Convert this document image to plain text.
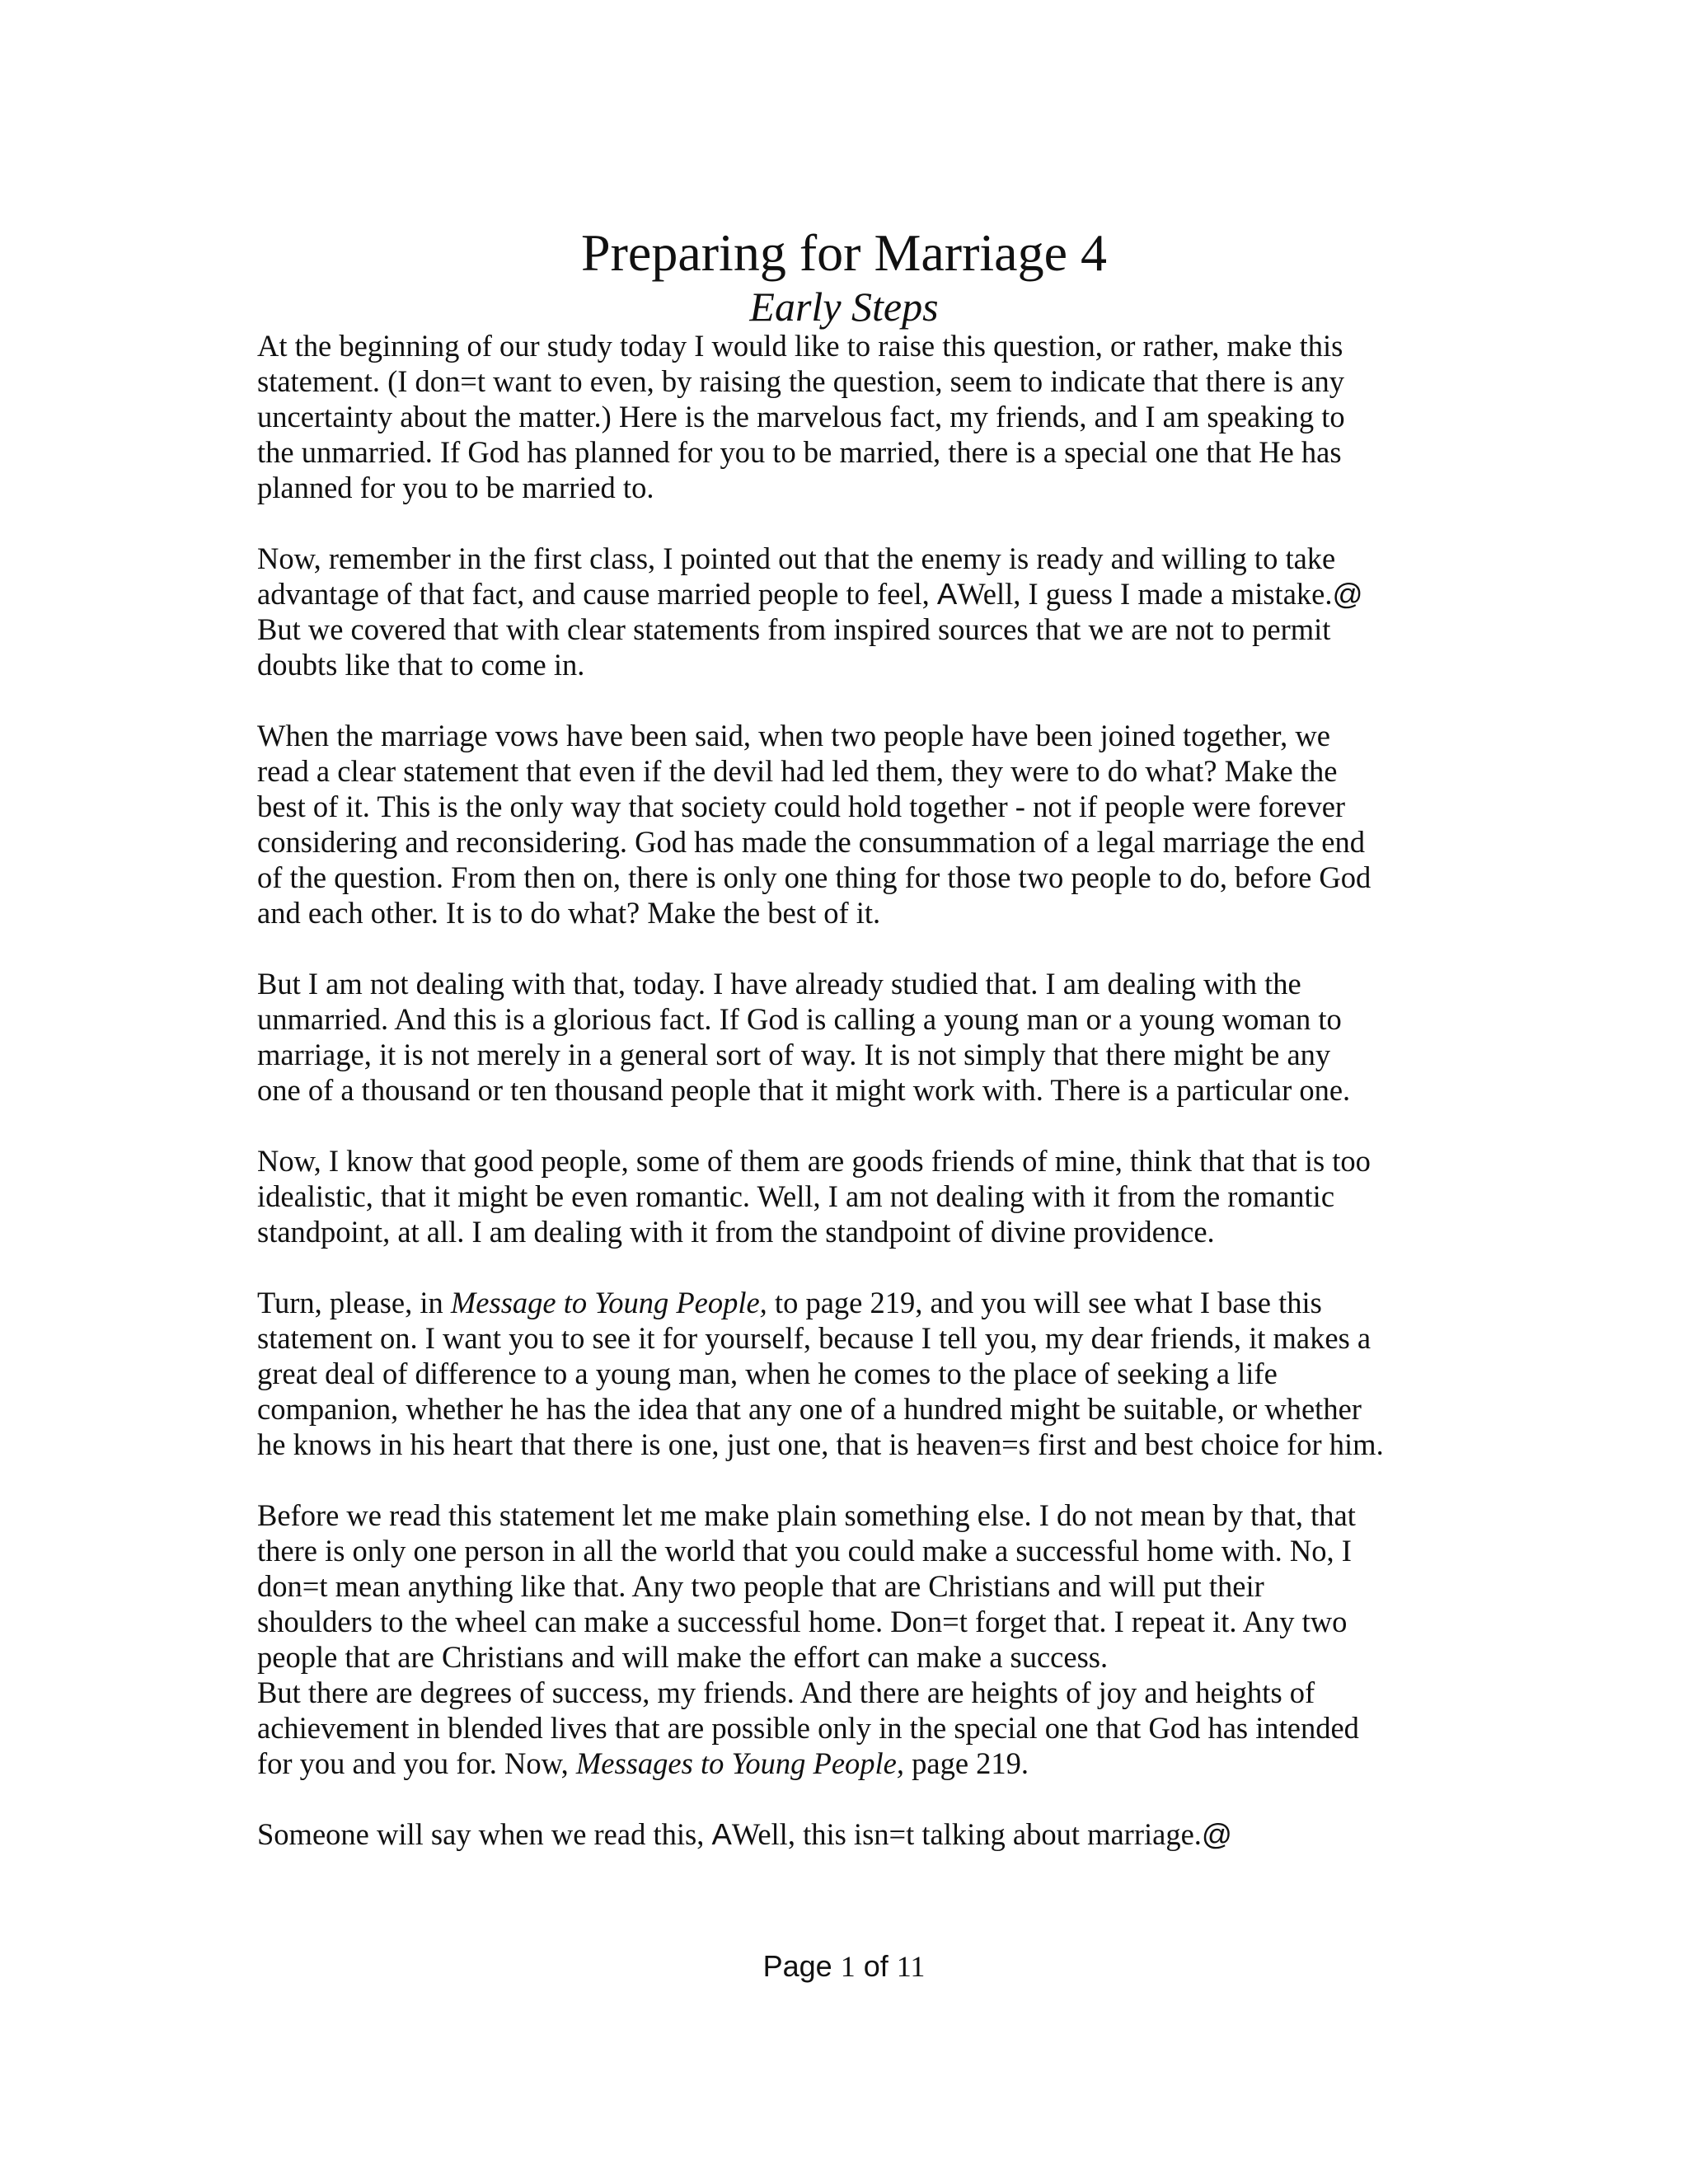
Preparing for Marriage 4
Early Steps

At the beginning of our study today I would like to raise this question, or rather, make this
statement. (I don=t want to even, by raising the question, seem to indicate that there is any
uncertainty about the matter.) Here is the marvelous fact, my friends, and I am speaking to
the unmarried. If God has planned for you to be married, there is a special one that He has
planned for you to be married to.

Now, remember in the first class, I pointed out that the enemy is ready and willing to take
advantage of that fact, and cause married people to feel, AWell, I guess I made a mistake.@
But we covered that with clear statements from inspired sources that we are not to permit
doubts like that to come in.

When the marriage vows have been said, when two people have been joined together, we
read a clear statement that even if the devil had led them, they were to do what? Make the
best of it. This is the only way that society could hold together - not if people were forever
considering and reconsidering. God has made the consummation of a legal marriage the end
of the question. From then on, there is only one thing for those two people to do, before God
and each other. It is to do what? Make the best of it.

But I am not dealing with that, today. I have already studied that. I am dealing with the
unmarried. And this is a glorious fact. If God is calling a young man or a young woman to
marriage, it is not merely in a general sort of way. It is not simply that there might be any
one of a thousand or ten thousand people that it might work with. There is a particular one.

Now, I know that good people, some of them are goods friends of mine, think that that is too
idealistic, that it might be even romantic. Well, I am not dealing with it from the romantic
standpoint, at all. I am dealing with it from the standpoint of divine providence.

Turn, please, in Message to Young People, to page 219, and you will see what I base this
statement on. I want you to see it for yourself, because I tell you, my dear friends, it makes a
great deal of difference to a young man, when he comes to the place of seeking a life
companion, whether he has the idea that any one of a hundred might be suitable, or whether
he knows in his heart that there is one, just one, that is heaven=s first and best choice for him.

Before we read this statement let me make plain something else. I do not mean by that, that
there is only one person in all the world that you could make a successful home with. No, I
don=t mean anything like that. Any two people that are Christians and will put their
shoulders to the wheel can make a successful home. Don=t forget that. I repeat it. Any two
people that are Christians and will make the effort can make a success.

But there are degrees of success, my friends. And there are heights of joy and heights of
achievement in blended lives that are possible only in the special one that God has intended
for you and you for. Now, Messages to Young People, page 219.

Someone will say when we read this, AWell, this isn=t talking about marriage.@

Page 1 of 11
